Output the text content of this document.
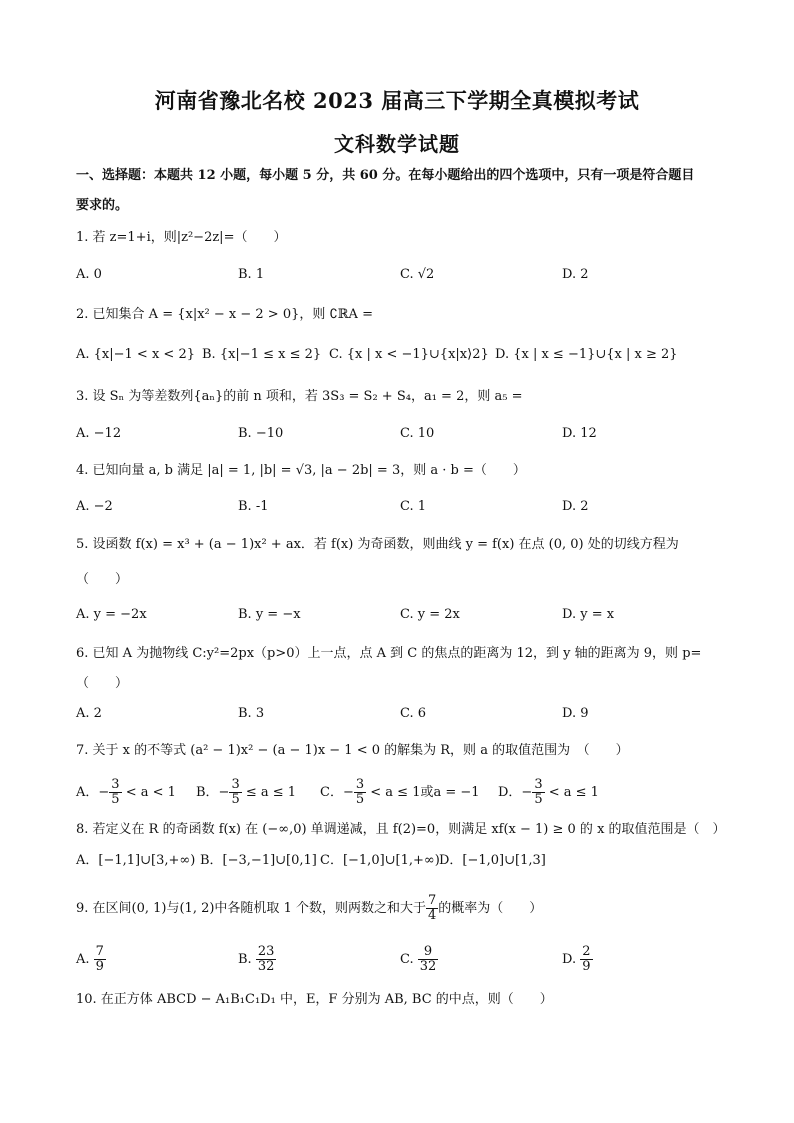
河南省豫北名校 2023 届高三下学期全真模拟考试
文科数学试题
一、选择题：本题共 12 小题，每小题 5 分，共 60 分。在每小题给出的四个选项中，只有一项是符合题目
要求的。
1. 若 z=1+i，则|z²−2z|=（　　）
A. 0	B. 1	C. √2	D. 2
2. 已知集合 A = {x|x² − x − 2 > 0}，则 ∁ℝA =
A. {x|−1 < x < 2} B. {x|−1 ≤ x ≤ 2} C. {x | x < −1}∪{x|x⟩2} D. {x | x ≤ −1}∪{x | x ≥ 2}
3. 设 Sₙ 为等差数列{aₙ}的前 n 项和，若 3S₃ = S₂ + S₄，a₁ = 2，则 a₅ =
A. −12	B. −10	C. 10	D. 12
4. 已知向量 a, b 满足 |a| = 1, |b| = √3, |a − 2b| = 3，则 a · b =（　　）
A. −2	B. -1	C. 1	D. 2
5. 设函数 f(x) = x³ + (a − 1)x² + ax．若 f(x) 为奇函数，则曲线 y = f(x) 在点 (0, 0) 处的切线方程为
（　　）
A. y = −2x	B. y = −x	C. y = 2x	D. y = x
6. 已知 A 为抛物线 C:y²=2px（p>0）上一点，点 A 到 C 的焦点的距离为 12，到 y 轴的距离为 9，则 p=
（　　）
A. 2	B. 3	C. 6	D. 9
7. 关于 x 的不等式 (a² − 1)x² − (a − 1)x − 1 < 0 的解集为 R，则 a 的取值范围为　（　　）
A．− $\frac{3}{5} < a < 1$ B．− $\frac{3}{5} \le a \le 1$ C．− $\frac{3}{5} < a \le 1$或a = −1 D．− $\frac{3}{5} < a \le 1$
8. 若定义在 R 的奇函数 f(x) 在 (−∞,0) 单调递减，且 f(2)=0，则满足 xf(x − 1) ≥ 0 的 x 的取值范围是（　）
A．[−1,1]∪[3,+∞) B．[−3,−1]∪[0,1] C．[−1,0]∪[1,+∞) D．[−1,0]∪[1,3]
9. 在区间(0, 1)与(1, 2)中各随机取 1 个数，则两数之和大于 $\frac{7}{4}$ 的概率为（　　）
A. $\frac{7}{9}$	B. $\frac{23}{32}$	C. $\frac{9}{32}$	D. $\frac{2}{9}$
10. 在正方体 ABCD − A₁B₁C₁D₁ 中，E，F 分别为 AB, BC 的中点，则（　　）
